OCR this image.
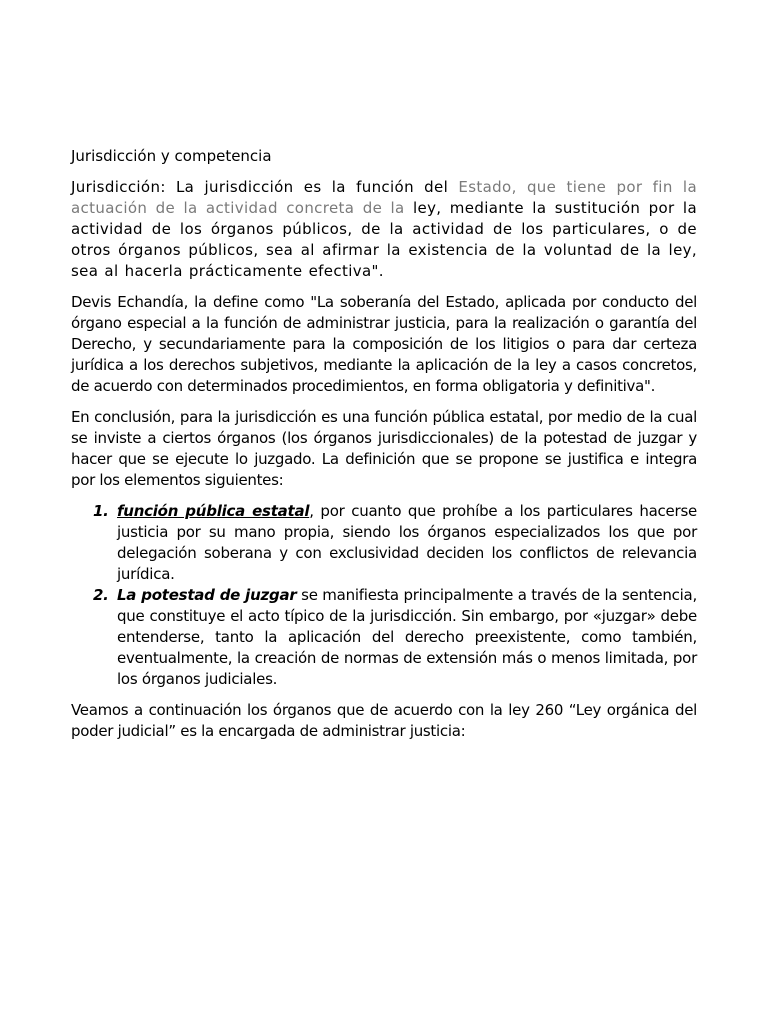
Jurisdicción y competencia

Jurisdicción: La jurisdicción es la función del Estado, que tiene por fin la actuación de la actividad concreta de la ley, mediante la sustitución por la actividad de los órganos públicos, de la actividad de los particulares, o de otros órganos públicos, sea al afirmar la existencia de la voluntad de la ley, sea al hacerla prácticamente efectiva".

Devis Echandía, la define como "La soberanía del Estado, aplicada por conducto del órgano especial a la función de administrar justicia, para la realización o garantía del Derecho, y secundariamente para la composición de los litigios o para dar certeza jurídica a los derechos subjetivos, mediante la aplicación de la ley a casos concretos, de acuerdo con determinados procedimientos, en forma obligatoria y definitiva".

En conclusión, para la jurisdicción es una función pública estatal, por medio de la cual se inviste a ciertos órganos (los órganos jurisdiccionales) de la potestad de juzgar y hacer que se ejecute lo juzgado. La definición que se propone se justifica e integra por los elementos siguientes:

1. función pública estatal, por cuanto que prohíbe a los particulares hacerse justicia por su mano propia, siendo los órganos especializados los que por delegación soberana y con exclusividad deciden los conflictos de relevancia jurídica.
2. La potestad de juzgar se manifiesta principalmente a través de la sentencia, que constituye el acto típico de la jurisdicción. Sin embargo, por «juzgar» debe entenderse, tanto la aplicación del derecho preexistente, como también, eventualmente, la creación de normas de extensión más o menos limitada, por los órganos judiciales.

Veamos a continuación los órganos que de acuerdo con la ley 260 “Ley orgánica del poder judicial” es la encargada de administrar justicia:
